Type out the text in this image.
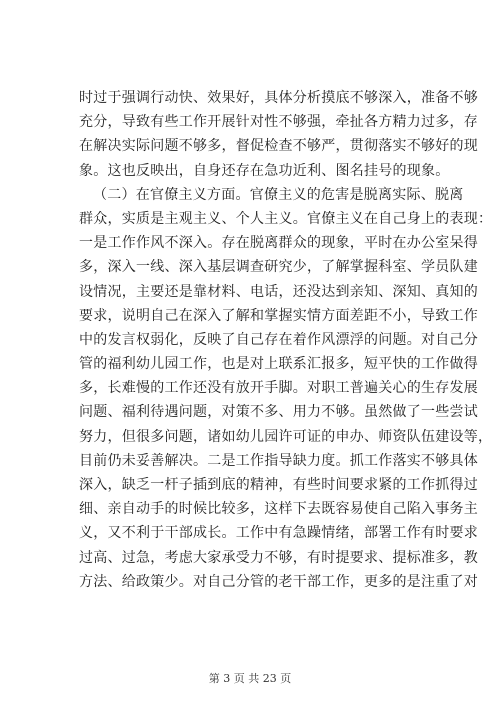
时过于强调行动快、效果好，具体分析摸底不够深入，准备不够
充分，导致有些工作开展针对性不够强，牵扯各方精力过多，存
在解决实际问题不够多，督促检查不够严，贯彻落实不够好的现
象。这也反映出，自身还存在急功近利、图名挂号的现象。
（二）在官僚主义方面。官僚主义的危害是脱离实际、脱离
群众，实质是主观主义、个人主义。官僚主义在自己身上的表现：
一是工作作风不深入。存在脱离群众的现象，平时在办公室呆得
多，深入一线、深入基层调查研究少，了解掌握科室、学员队建
设情况，主要还是靠材料、电话，还没达到亲知、深知、真知的
要求，说明自己在深入了解和掌握实情方面差距不小，导致工作
中的发言权弱化，反映了自己存在着作风漂浮的问题。对自己分
管的福利幼儿园工作，也是对上联系汇报多，短平快的工作做得
多，长难慢的工作还没有放开手脚。对职工普遍关心的生存发展
问题、福利待遇问题，对策不多、用力不够。虽然做了一些尝试
努力，但很多问题，诸如幼儿园许可证的申办、师资队伍建设等，
目前仍未妥善解决。二是工作指导缺力度。抓工作落实不够具体
深入，缺乏一杆子插到底的精神，有些时间要求紧的工作抓得过
细、亲自动手的时候比较多，这样下去既容易使自己陷入事务主
义，又不利于干部成长。工作中有急躁情绪，部署工作有时要求
过高、过急，考虑大家承受力不够，有时提要求、提标准多，教
方法、给政策少。对自己分管的老干部工作，更多的是注重了对
第 3 页 共 23 页
